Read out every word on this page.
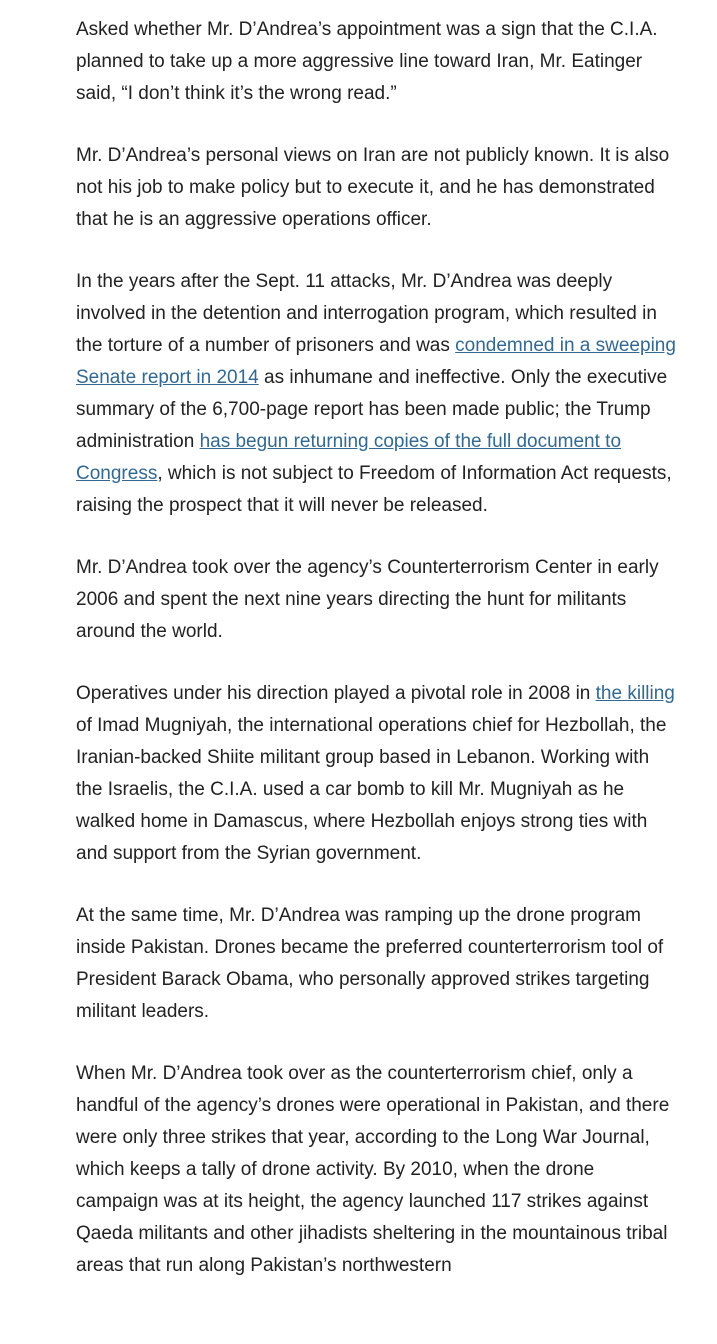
Asked whether Mr. D’Andrea’s appointment was a sign that the C.I.A. planned to take up a more aggressive line toward Iran, Mr. Eatinger said, “I don’t think it’s the wrong read.”

Mr. D’Andrea’s personal views on Iran are not publicly known. It is also not his job to make policy but to execute it, and he has demonstrated that he is an aggressive operations officer.

In the years after the Sept. 11 attacks, Mr. D’Andrea was deeply involved in the detention and interrogation program, which resulted in the torture of a number of prisoners and was condemned in a sweeping Senate report in 2014 as inhumane and ineffective. Only the executive summary of the 6,700-page report has been made public; the Trump administration has begun returning copies of the full document to Congress, which is not subject to Freedom of Information Act requests, raising the prospect that it will never be released.

Mr. D’Andrea took over the agency’s Counterterrorism Center in early 2006 and spent the next nine years directing the hunt for militants around the world.

Operatives under his direction played a pivotal role in 2008 in the killing of Imad Mugniyah, the international operations chief for Hezbollah, the Iranian-backed Shiite militant group based in Lebanon. Working with the Israelis, the C.I.A. used a car bomb to kill Mr. Mugniyah as he walked home in Damascus, where Hezbollah enjoys strong ties with and support from the Syrian government.

At the same time, Mr. D’Andrea was ramping up the drone program inside Pakistan. Drones became the preferred counterterrorism tool of President Barack Obama, who personally approved strikes targeting militant leaders.

When Mr. D’Andrea took over as the counterterrorism chief, only a handful of the agency’s drones were operational in Pakistan, and there were only three strikes that year, according to the Long War Journal, which keeps a tally of drone activity. By 2010, when the drone campaign was at its height, the agency launched 117 strikes against Qaeda militants and other jihadists sheltering in the mountainous tribal areas that run along Pakistan’s northwestern
